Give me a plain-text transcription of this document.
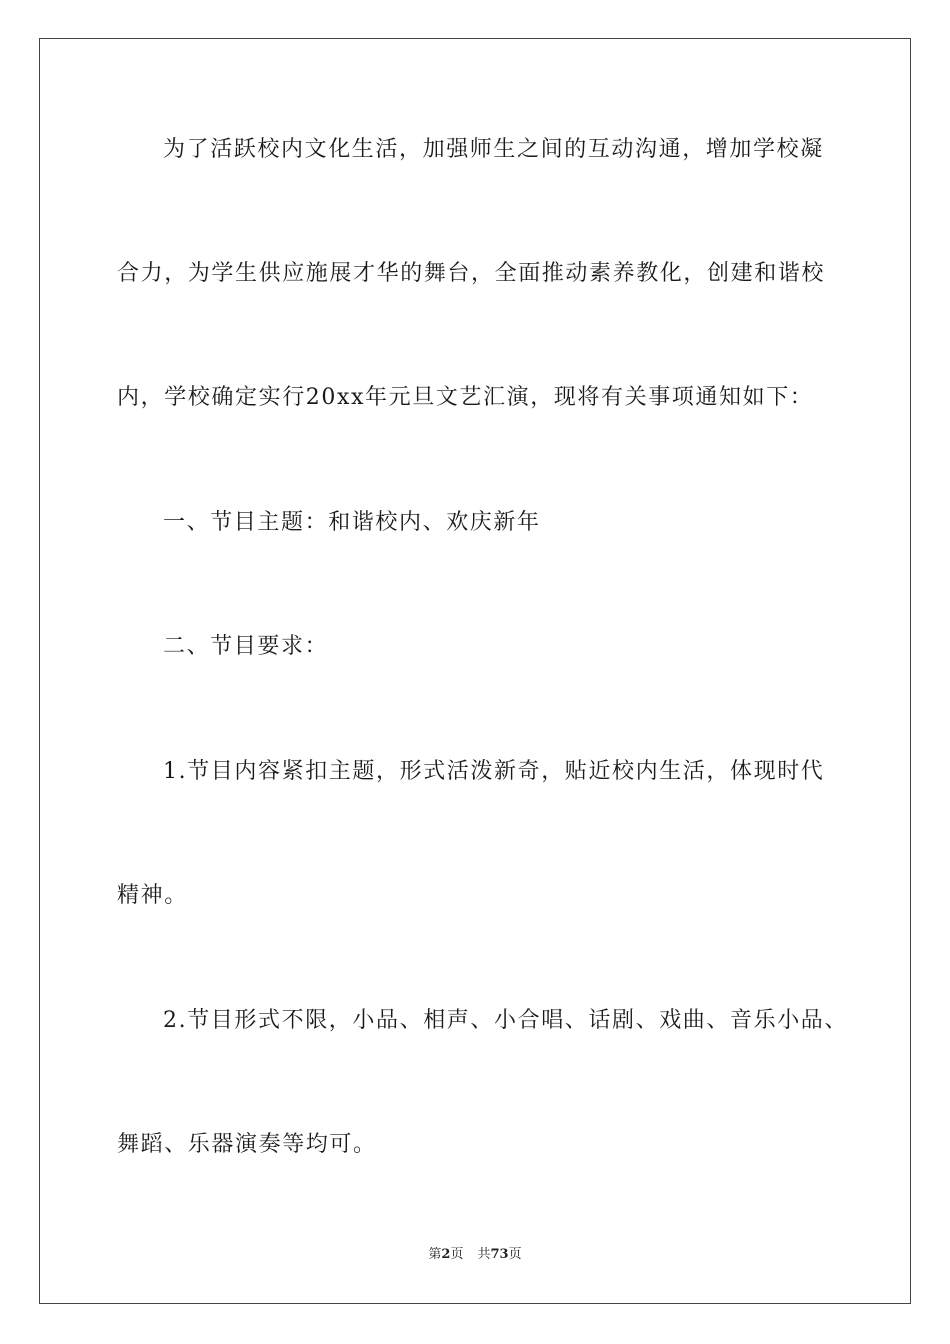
为了活跃校内文化生活，加强师生之间的互动沟通，增加学校凝
合力，为学生供应施展才华的舞台，全面推动素养教化，创建和谐校
内，学校确定实行20xx年元旦文艺汇演，现将有关事项通知如下：
一、节目主题：和谐校内、欢庆新年
二、节目要求：
1.节目内容紧扣主题，形式活泼新奇，贴近校内生活，体现时代
精神。
2.节目形式不限，小品、相声、小合唱、话剧、戏曲、音乐小品、
舞蹈、乐器演奏等均可。
第2页 共73页
